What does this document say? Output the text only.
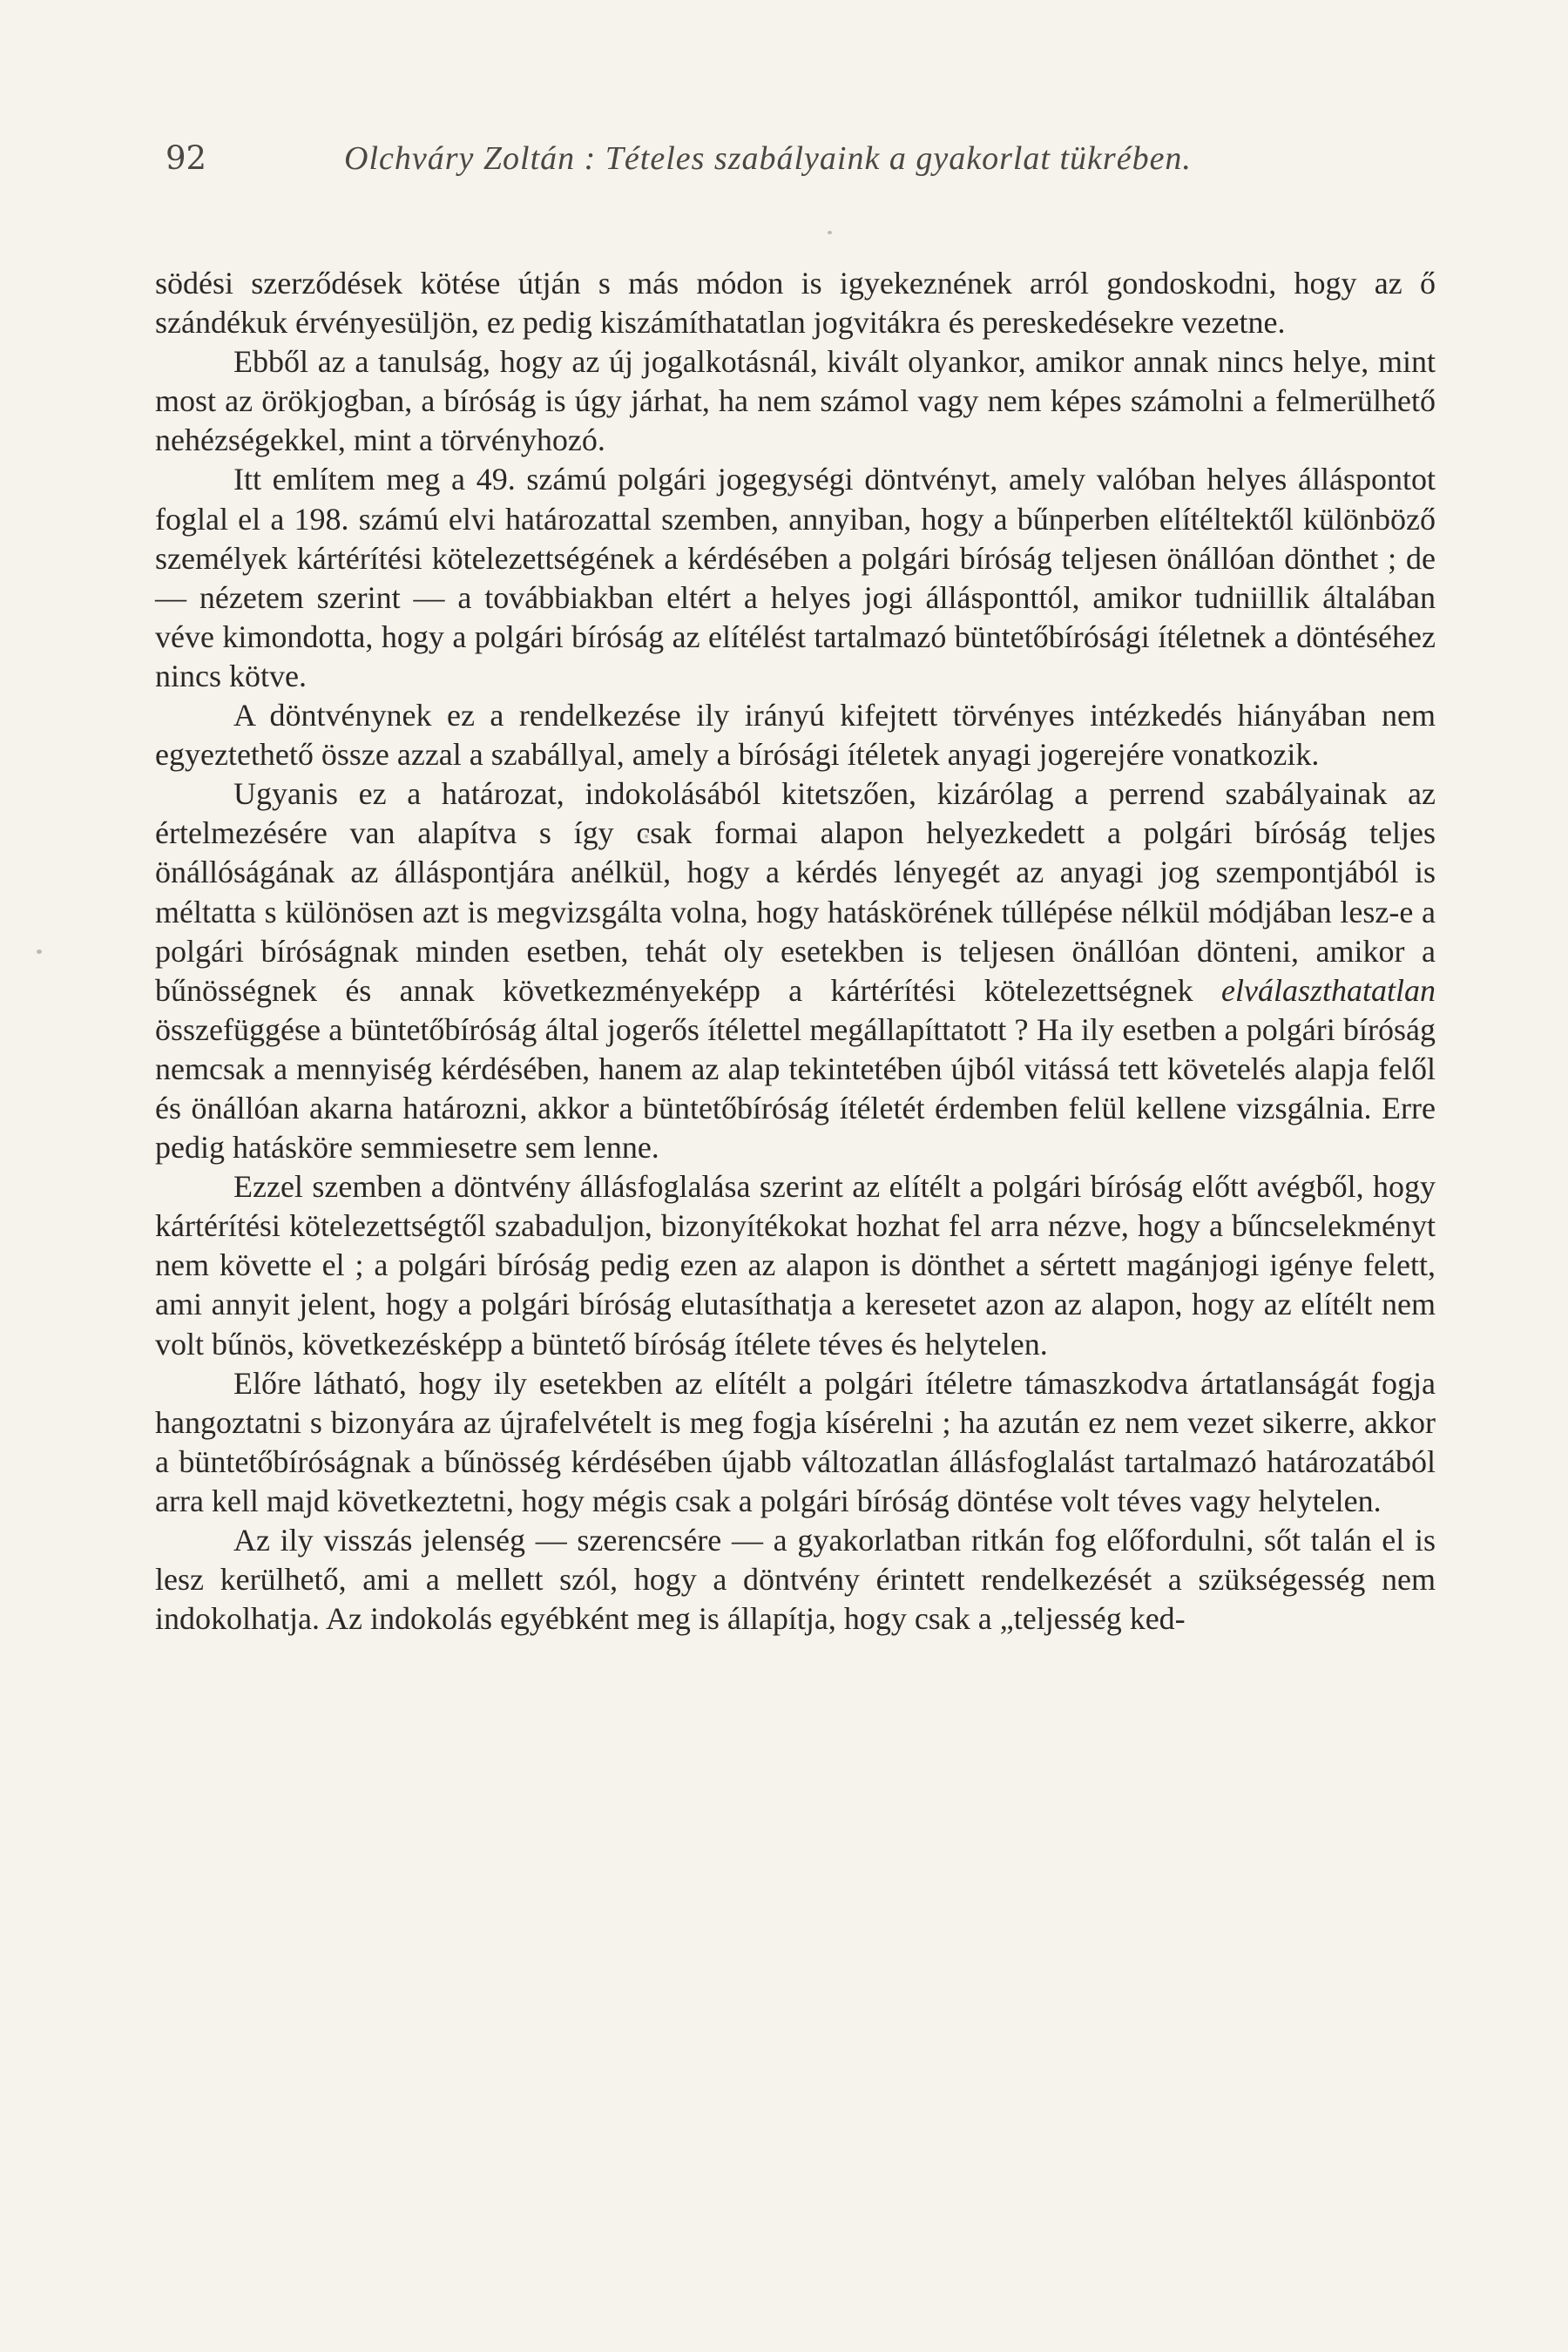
92	Olchváry Zoltán : Tételes szabályaink a gyakorlat tükrében.

södési szerződések kötése útján s más módon is igyekeznének arról gondoskodni, hogy az ő szándékuk érvényesüljön, ez pedig kiszámíthatatlan jogvitákra és pereskedésekre vezetne.

Ebből az a tanulság, hogy az új jogalkotásnál, kivált olyankor, amikor annak nincs helye, mint most az örökjogban, a bíróság is úgy járhat, ha nem számol vagy nem képes számolni a felmerülhető nehézségekkel, mint a törvényhozó.

Itt említem meg a 49. számú polgári jogegységi döntvényt, amely valóban helyes álláspontot foglal el a 198. számú elvi határozattal szemben, annyiban, hogy a bűnperben elítéltektől különböző személyek kártérítési kötelezettségének a kérdésében a polgári bíróság teljesen önállóan dönthet ; de — nézetem szerint — a továbbiakban eltért a helyes jogi állásponttól, amikor tudniillik általában véve kimondotta, hogy a polgári bíróság az elítélést tartalmazó büntetőbírósági ítéletnek a döntéséhez nincs kötve.

A döntvénynek ez a rendelkezése ily irányú kifejtett törvényes intézkedés hiányában nem egyeztethető össze azzal a szabállyal, amely a bírósági ítéletek anyagi jogerejére vonatkozik.

Ugyanis ez a határozat, indokolásából kitetszően, kizárólag a perrend szabályainak az értelmezésére van alapítva s így csak formai alapon helyezkedett a polgári bíróság teljes önállóságának az álláspontjára anélkül, hogy a kérdés lényegét az anyagi jog szempontjából is méltatta s különösen azt is megvizsgálta volna, hogy hatáskörének túllépése nélkül módjában lesz-e a polgári bíróságnak minden esetben, tehát oly esetekben is teljesen önállóan dönteni, amikor a bűnösségnek és annak következményeképp a kártérítési kötelezettségnek elválaszthatatlan összefüggése a büntetőbíróság által jogerős ítélettel megállapíttatott ? Ha ily esetben a polgári bíróság nemcsak a mennyiség kérdésében, hanem az alap tekintetében újból vitássá tett követelés alapja felől és önállóan akarna határozni, akkor a büntetőbíróság ítéletét érdemben felül kellene vizsgálnia. Erre pedig hatásköre semmiesetre sem lenne.

Ezzel szemben a döntvény állásfoglalása szerint az elítélt a polgári bíróság előtt avégből, hogy kártérítési kötelezettségtől szabaduljon, bizonyítékokat hozhat fel arra nézve, hogy a bűncselekményt nem követte el ; a polgári bíróság pedig ezen az alapon is dönthet a sértett magánjogi igénye felett, ami annyit jelent, hogy a polgári bíróság elutasíthatja a keresetet azon az alapon, hogy az elítélt nem volt bűnös, következésképp a büntető bíróság ítélete téves és helytelen.

Előre látható, hogy ily esetekben az elítélt a polgári ítéletre támaszkodva ártatlanságát fogja hangoztatni s bizonyára az újrafelvételt is meg fogja kísérelni ; ha azután ez nem vezet sikerre, akkor a büntetőbíróságnak a bűnösség kérdésében újabb változatlan állásfoglalást tartalmazó határozatából arra kell majd következtetni, hogy mégis csak a polgári bíróság döntése volt téves vagy helytelen.

Az ily visszás jelenség — szerencsére — a gyakorlatban ritkán fog előfordulni, sőt talán el is lesz kerülhető, ami a mellett szól, hogy a döntvény érintett rendelkezését a szükségesség nem indokolhatja. Az indokolás egyébként meg is állapítja, hogy csak a „teljesség ked-
